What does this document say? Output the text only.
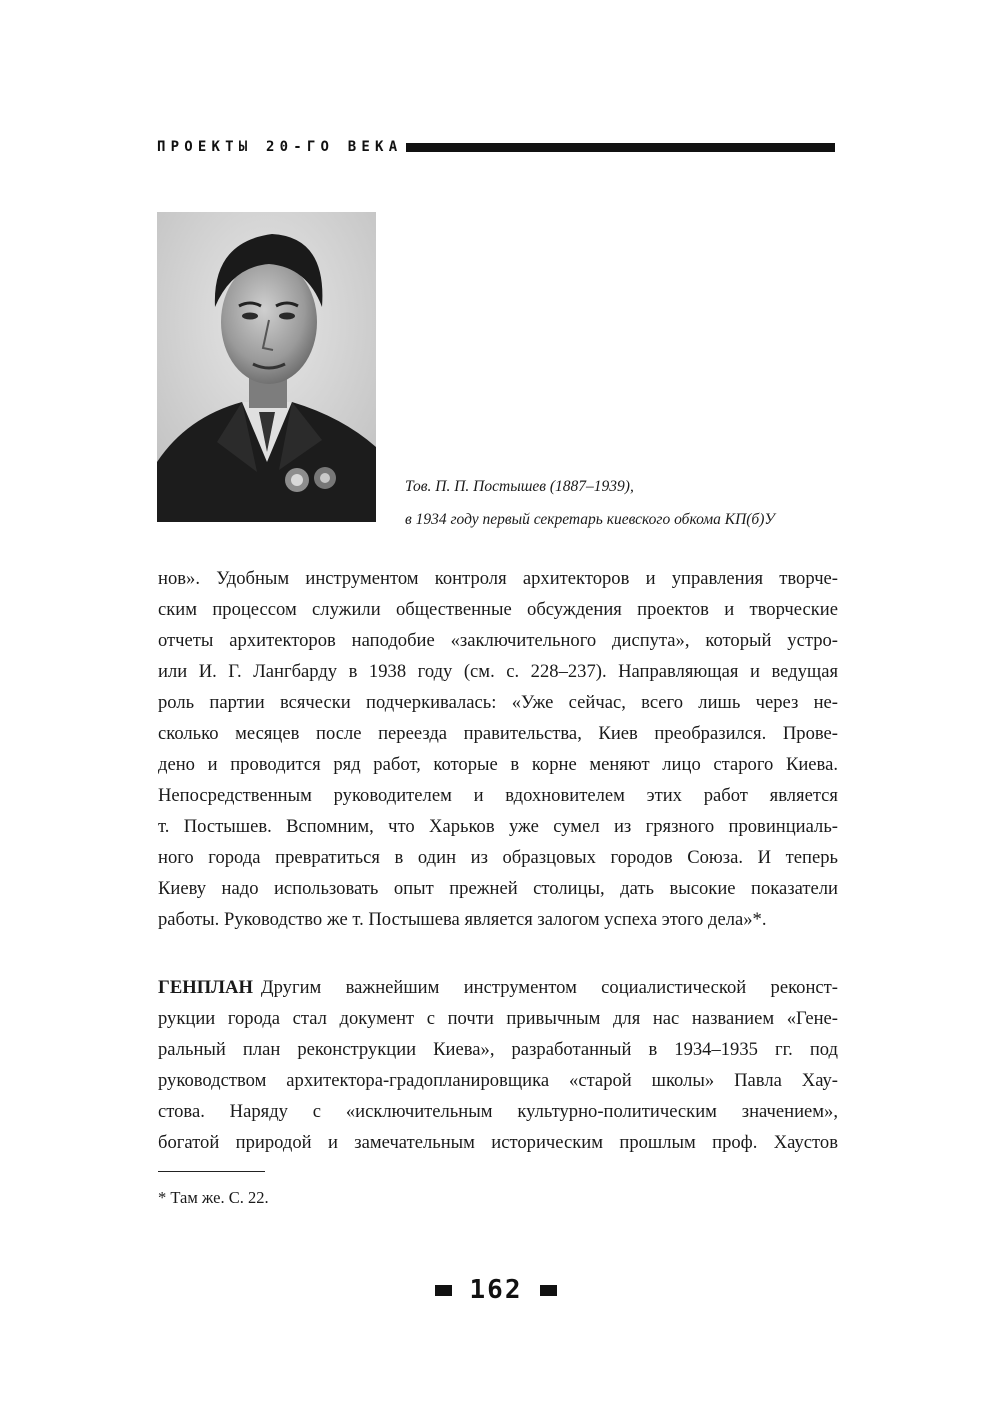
ПРОЕКТЫ 20-ГО ВЕКА
Тов. П. П. Постышев (1887–1939),
в 1934 году первый секретарь киевского обкома КП(б)У
нов». Удобным инструментом контроля архитекторов и управления творче-
ским процессом служили общественные обсуждения проектов и творческие
отчеты архитекторов наподобие «заключительного диспута», который устро-
или И. Г. Лангбарду в 1938 году (см. с. 228–237). Направляющая и ведущая
роль партии всячески подчеркивалась: «Уже сейчас, всего лишь через не-
сколько месяцев после переезда правительства, Киев преобразился. Прове-
дено и проводится ряд работ, которые в корне меняют лицо старого Киева.
Непосредственным руководителем и вдохновителем этих работ является
т. Постышев. Вспомним, что Харьков уже сумел из грязного провинциаль-
ного города превратиться в один из образцовых городов Союза. И теперь
Киеву надо использовать опыт прежней столицы, дать высокие показатели
работы. Руководство же т. Постышева является залогом успеха этого дела»*.
ГЕНПЛАН Другим важнейшим инструментом социалистической реконст-
рукции города стал документ с почти привычным для нас названием «Гене-
ральный план реконструкции Киева», разработанный в 1934–1935 гг. под
руководством архитектора-градопланировщика «старой школы» Павла Хау-
стова. Наряду с «исключительным культурно-политическим значением»,
богатой природой и замечательным историческим прошлым проф. Хаустов
* Там же. С. 22.
162
